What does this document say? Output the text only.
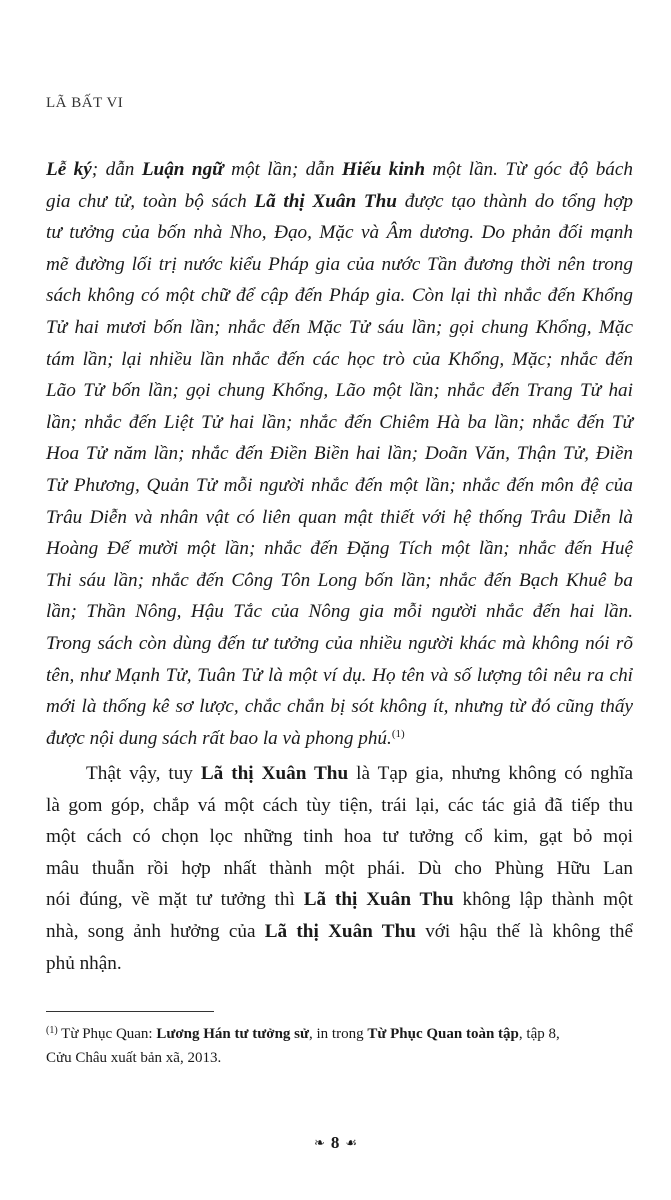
LÃ BẤT VI
Lễ ký; dẫn Luận ngữ một lần; dẫn Hiếu kinh một lần. Từ góc độ bách
gia chư tử, toàn bộ sách Lã thị Xuân Thu được tạo thành do tổng hợp
tư tưởng của bốn nhà Nho, Đạo, Mặc và Âm dương. Do phản đối mạnh
mẽ đường lối trị nước kiểu Pháp gia của nước Tần đương thời nên trong
sách không có một chữ để cập đến Pháp gia. Còn lại thì nhắc đến Khổng
Tử hai mươi bốn lần; nhắc đến Mặc Tử sáu lần; gọi chung Khổng, Mặc
tám lần; lại nhiều lần nhắc đến các học trò của Khổng, Mặc; nhắc đến
Lão Tử bốn lần; gọi chung Khổng, Lão một lần; nhắc đến Trang Tử hai
lần; nhắc đến Liệt Tử hai lần; nhắc đến Chiêm Hà ba lần; nhắc đến Tử
Hoa Tử năm lần; nhắc đến Điền Biền hai lần; Doãn Văn, Thận Tử, Điền
Tử Phương, Quản Tử mỗi người nhắc đến một lần; nhắc đến môn đệ của
Trâu Diễn và nhân vật có liên quan mật thiết với hệ thống Trâu Diễn là
Hoàng Đế mười một lần; nhắc đến Đặng Tích một lần; nhắc đến Huệ
Thi sáu lần; nhắc đến Công Tôn Long bốn lần; nhắc đến Bạch Khuê ba
lần; Thần Nông, Hậu Tắc của Nông gia mỗi người nhắc đến hai lần.
Trong sách còn dùng đến tư tưởng của nhiều người khác mà không nói rõ
tên, như Mạnh Tử, Tuân Tử là một ví dụ. Họ tên và số lượng tôi nêu ra chỉ
mới là thống kê sơ lược, chắc chắn bị sót không ít, nhưng từ đó cũng thấy
được nội dung sách rất bao la và phong phú.$^{(1)}$
Thật vậy, tuy Lã thị Xuân Thu là Tạp gia, nhưng không có nghĩa
là gom góp, chắp vá một cách tùy tiện, trái lại, các tác giả đã tiếp thu
một cách có chọn lọc những tinh hoa tư tưởng cổ kim, gạt bỏ mọi
mâu thuẫn rồi hợp nhất thành một phái. Dù cho Phùng Hữu Lan
nói đúng, về mặt tư tưởng thì Lã thị Xuân Thu không lập thành một
nhà, song ảnh hưởng của Lã thị Xuân Thu với hậu thế là không thể
phủ nhận.
$^{(1)}$ Từ Phục Quan: Lương Hán tư tưởng sử, in trong Từ Phục Quan toàn tập, tập 8,
Cửu Châu xuất bản xã, 2013.
❧ 8 ☙
